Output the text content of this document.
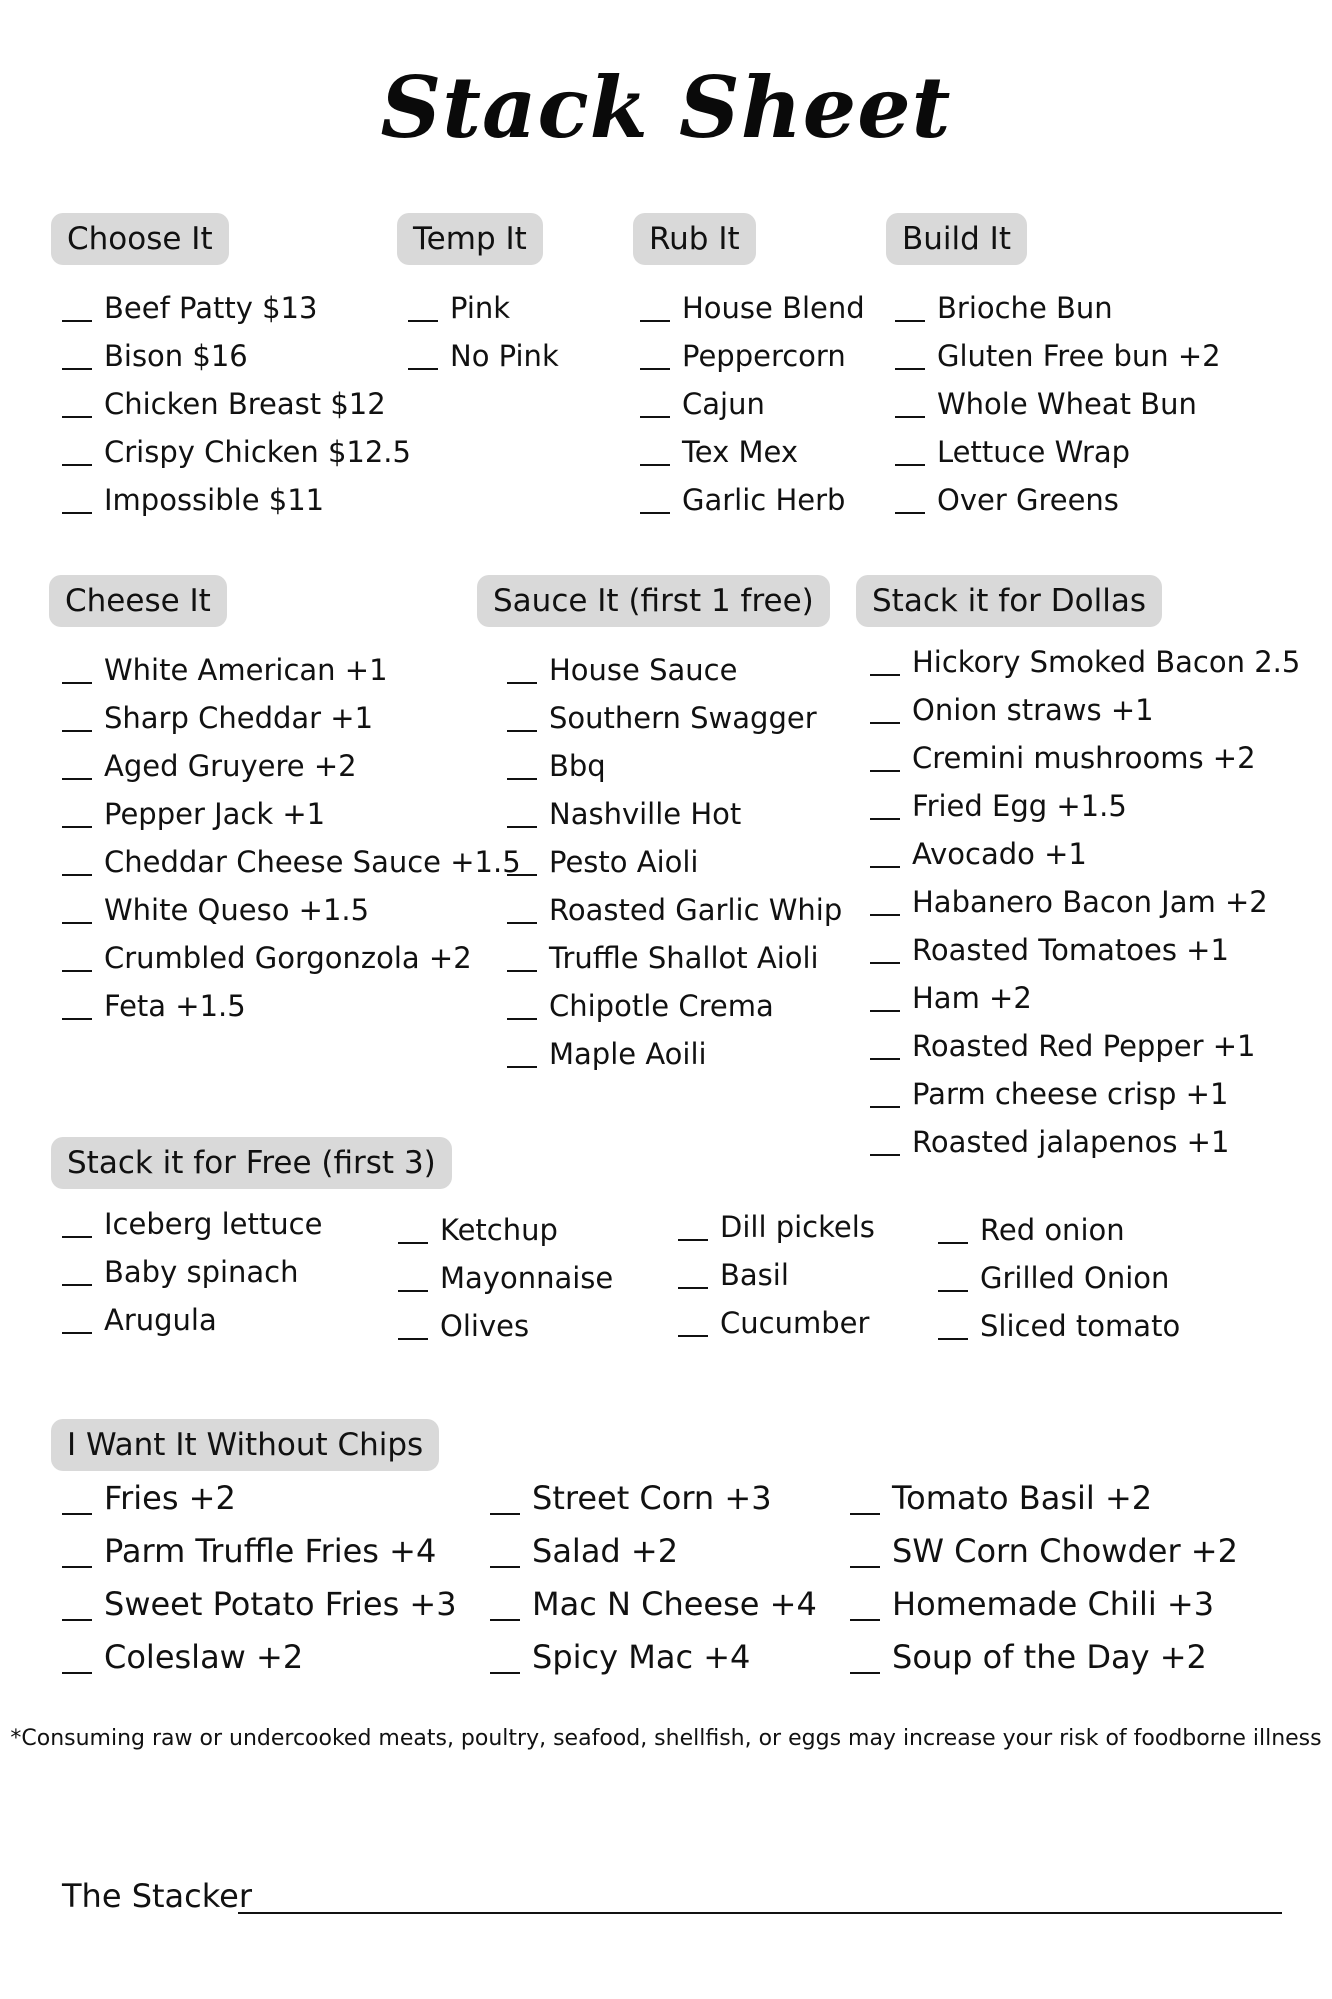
Stack Sheet
Choose It
Beef Patty $13
Bison $16
Chicken Breast $12
Crispy Chicken $12.5
Impossible $11
Temp It
Pink
No Pink
Rub It
House Blend
Peppercorn
Cajun
Tex Mex
Garlic Herb
Build It
Brioche Bun
Gluten Free bun +2
Whole Wheat Bun
Lettuce Wrap
Over Greens
Cheese It
White American +1
Sharp Cheddar +1
Aged Gruyere +2
Pepper Jack +1
Cheddar Cheese Sauce +1.5
White Queso +1.5
Crumbled Gorgonzola +2
Feta +1.5
Sauce It (first 1 free)
House Sauce
Southern Swagger
Bbq
Nashville Hot
Pesto Aioli
Roasted Garlic Whip
Truffle Shallot Aioli
Chipotle Crema
Maple Aoili
Stack it for Dollas
Hickory Smoked Bacon 2.5
Onion straws +1
Cremini mushrooms +2
Fried Egg +1.5
Avocado +1
Habanero Bacon Jam +2
Roasted Tomatoes +1
Ham +2
Roasted Red Pepper +1
Parm cheese crisp +1
Roasted jalapenos +1
Stack it for Free (first 3)
Iceberg lettuce
Baby spinach
Arugula
Ketchup
Mayonnaise
Olives
Dill pickels
Basil
Cucumber
Red onion
Grilled Onion
Sliced tomato
I Want It Without Chips
Fries +2
Parm Truffle Fries +4
Sweet Potato Fries +3
Coleslaw +2
Street Corn +3
Salad +2
Mac N Cheese +4
Spicy Mac +4
Tomato Basil +2
SW Corn Chowder +2
Homemade Chili +3
Soup of the Day +2
*Consuming raw or undercooked meats, poultry, seafood, shellfish, or eggs may increase your risk of foodborne illness
The Stacker
